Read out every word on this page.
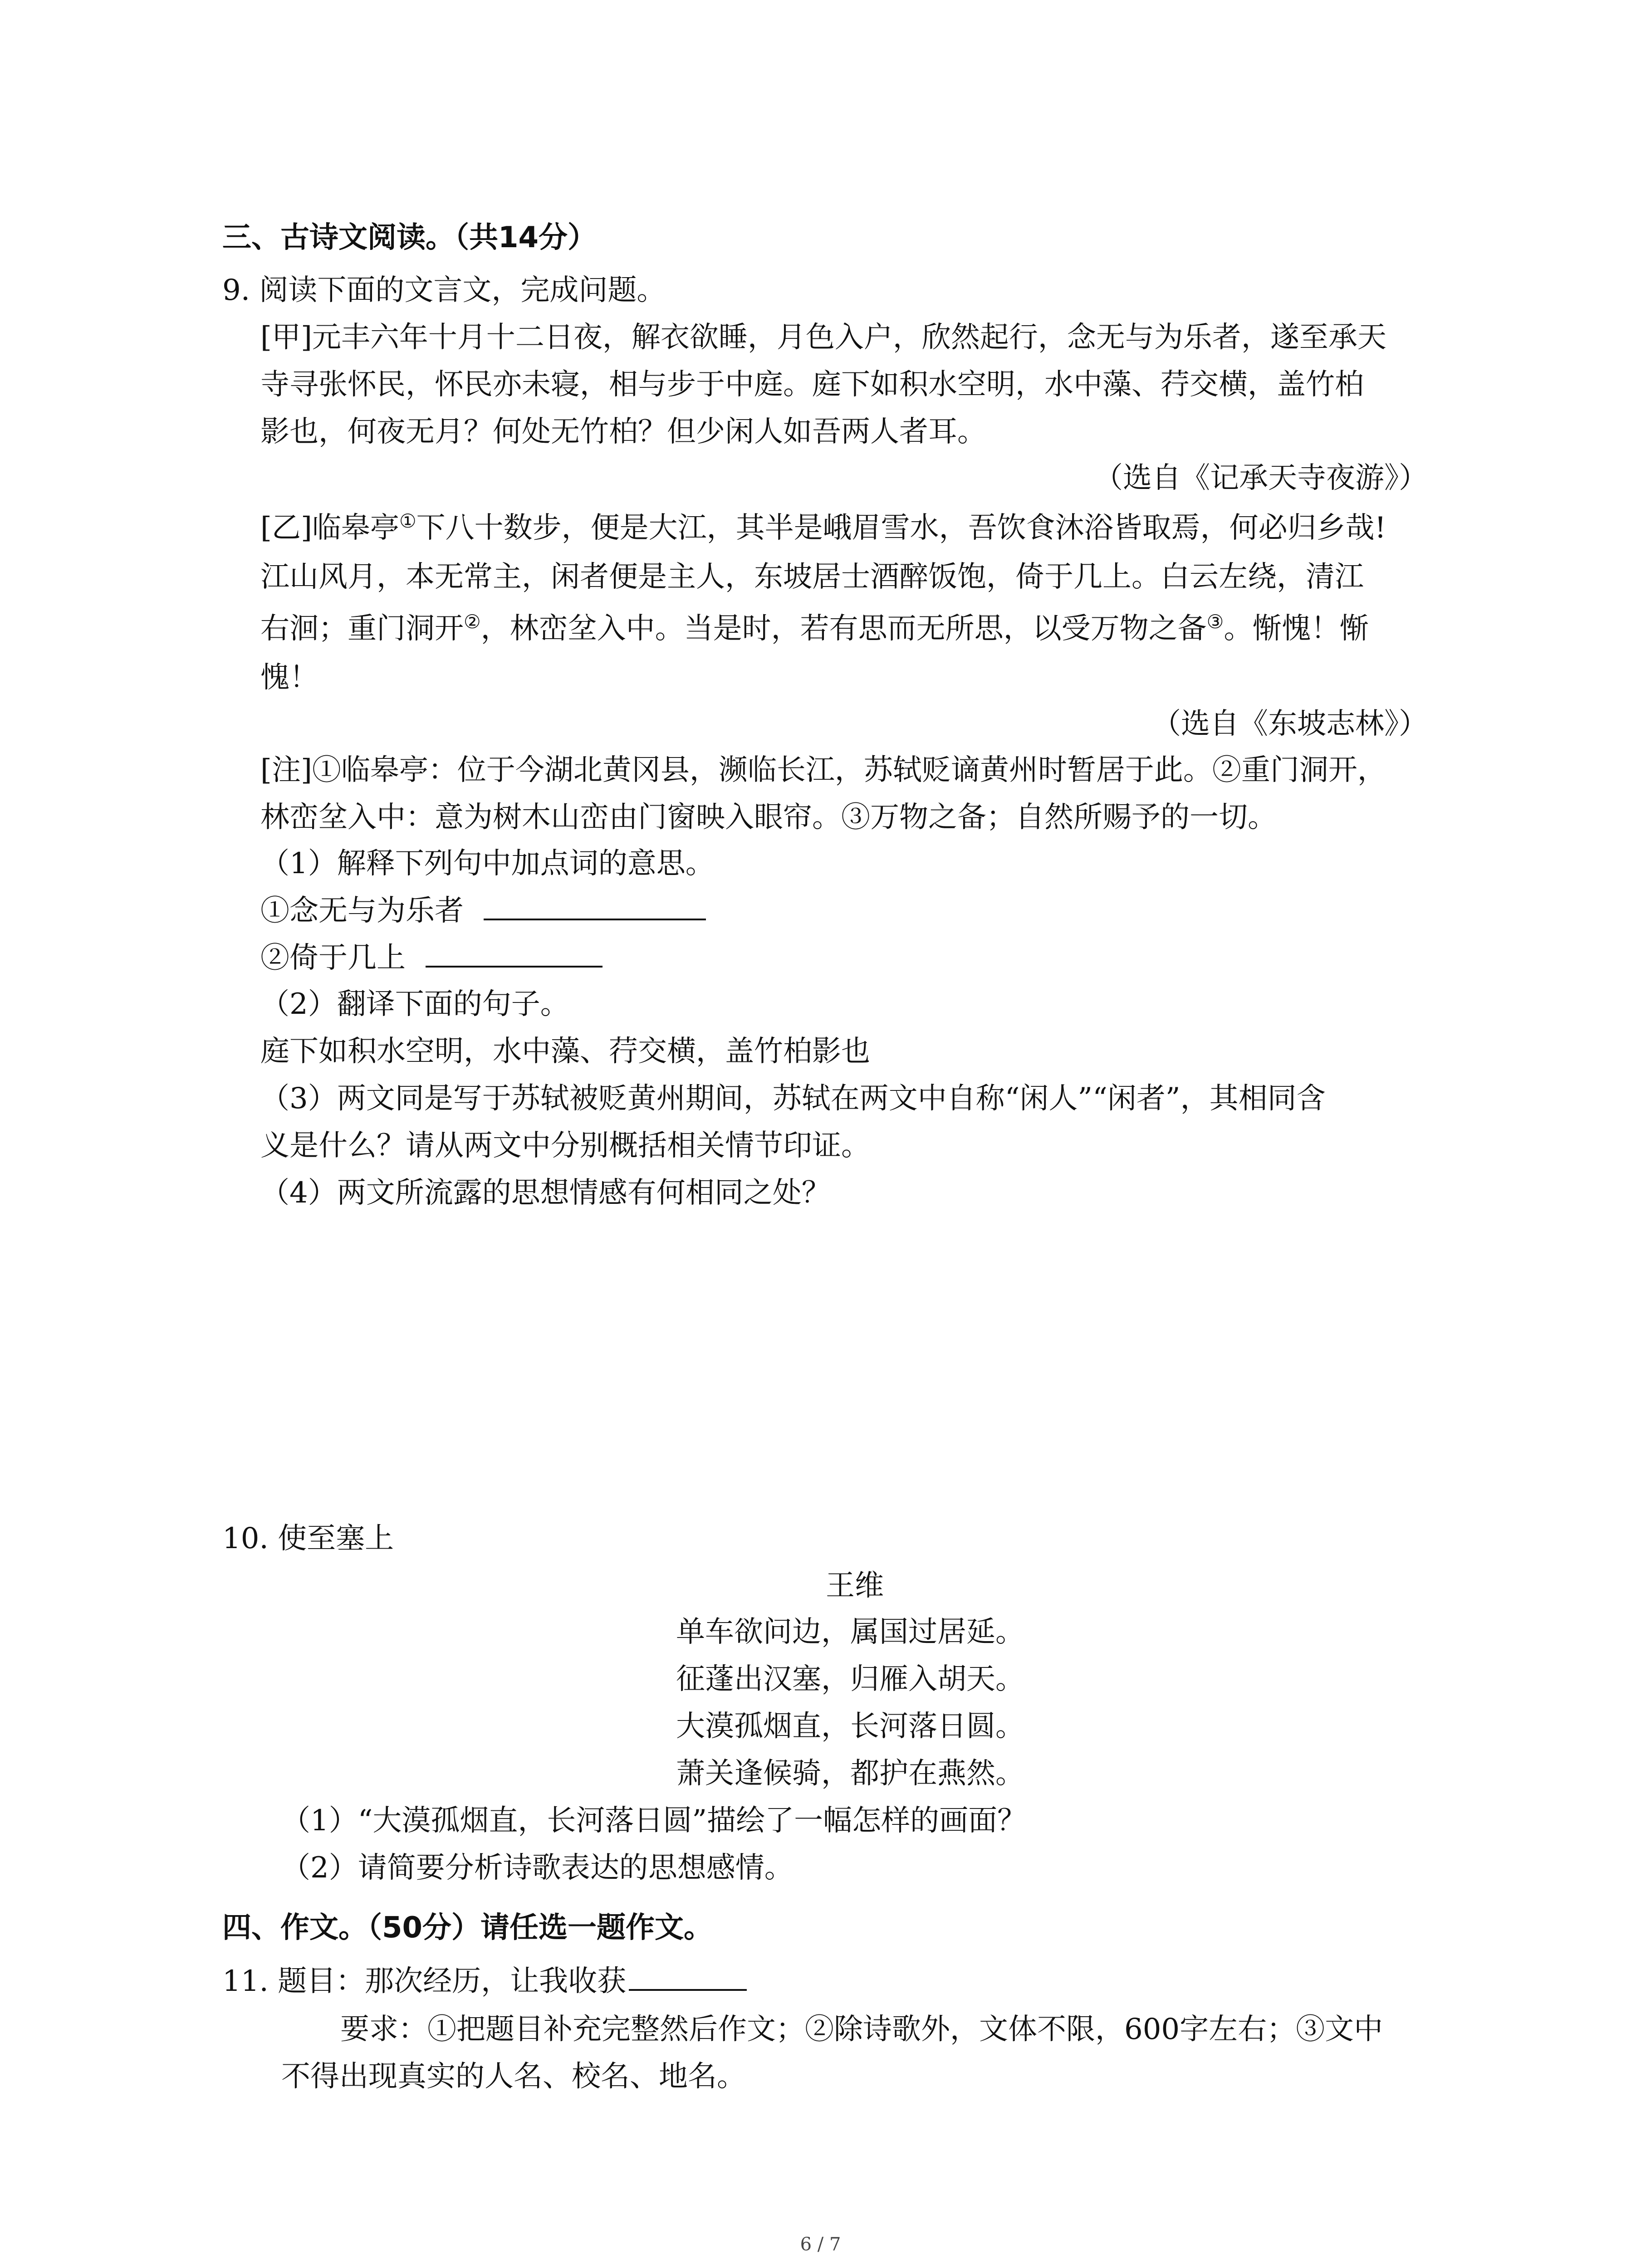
三、古诗文阅读。（共14分）
9. 阅读下面的文言文，完成问题。
[甲]元丰六年十月十二日夜，解衣欲睡，月色入户，欣然起行，念无与为乐者，遂至承天
寺寻张怀民，怀民亦未寝，相与步于中庭。庭下如积水空明，水中藻、荇交横，盖竹柏
影也，何夜无月？何处无竹柏？但少闲人如吾两人者耳。
（选自《记承天寺夜游》）
[乙]临皋亭①下八十数步，便是大江，其半是峨眉雪水，吾饮食沐浴皆取焉，何必归乡哉!
江山风月，本无常主，闲者便是主人，东坡居士酒醉饭饱，倚于几上。白云左绕，清江
右洄；重门洞开②，林峦坌入中。当是时，若有思而无所思，以受万物之备③。惭愧！惭
愧！
（选自《东坡志林》）
[注]①临皋亭：位于今湖北黄冈县，濒临长江，苏轼贬谪黄州时暂居于此。②重门洞开，
林峦坌入中：意为树木山峦由门窗映入眼帘。③万物之备；自然所赐予的一切。
（1）解释下列句中加点词的意思。
①念无与为乐者
②倚于几上
（2）翻译下面的句子。
庭下如积水空明，水中藻、荇交横，盖竹柏影也
（3）两文同是写于苏轼被贬黄州期间，苏轼在两文中自称“闲人”“闲者”，其相同含
义是什么？请从两文中分别概括相关情节印证。
（4）两文所流露的思想情感有何相同之处？
10. 使至塞上
王维
单车欲问边，属国过居延。
征蓬出汉塞，归雁入胡天。
大漠孤烟直，长河落日圆。
萧关逢候骑，都护在燕然。
（1）“大漠孤烟直，长河落日圆”描绘了一幅怎样的画面？
（2）请简要分析诗歌表达的思想感情。
四、作文。（50分）请任选一题作文。
11. 题目：那次经历，让我收获
要求：①把题目补充完整然后作文；②除诗歌外，文体不限，600字左右；③文中
不得出现真实的人名、校名、地名。
6 / 7
